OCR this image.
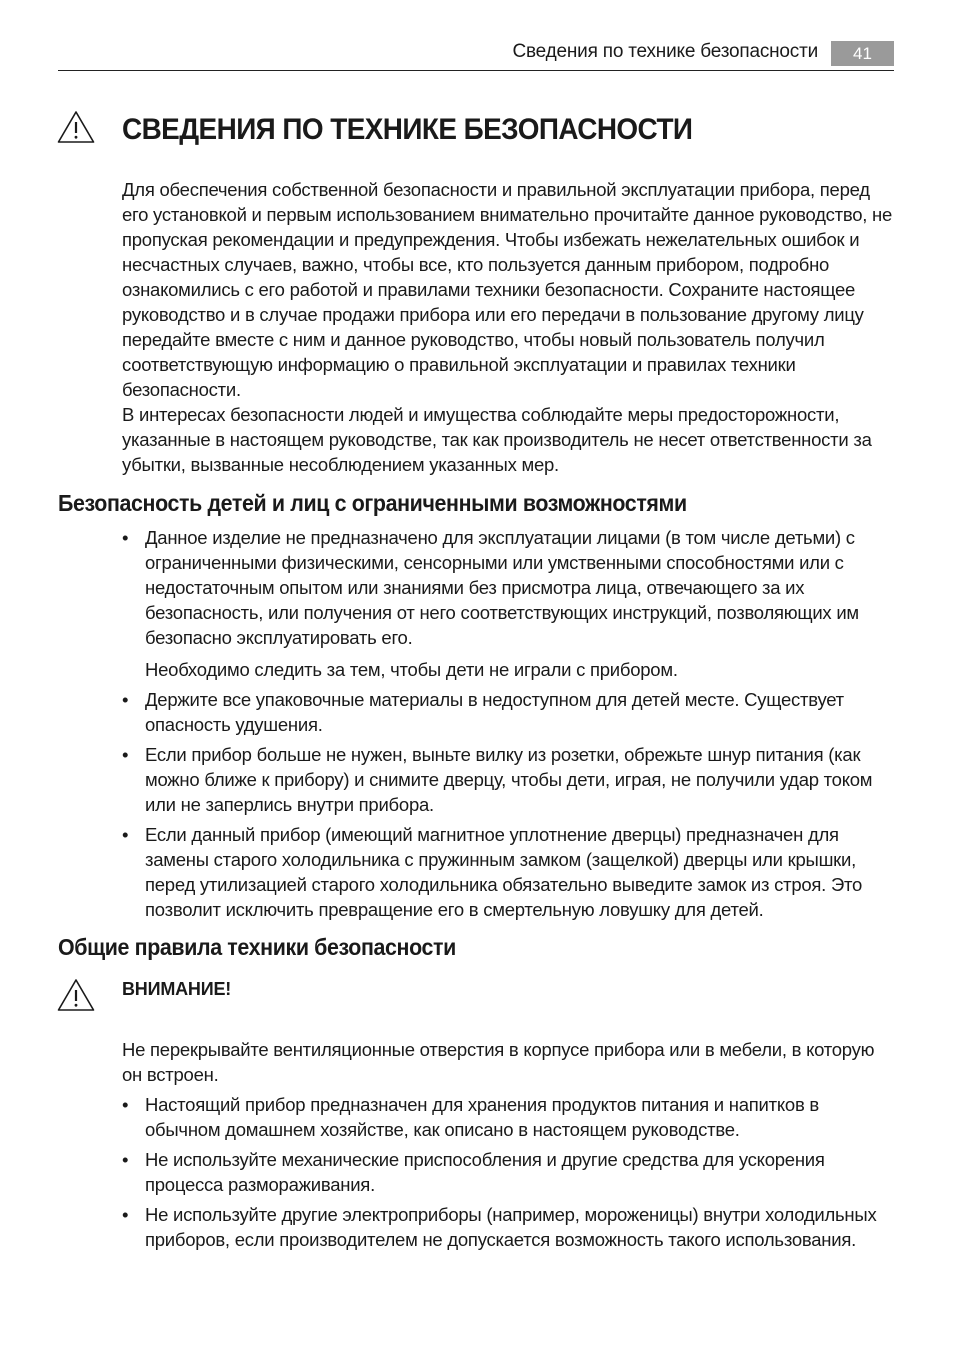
Сведения по технике безопасности	41
СВЕДЕНИЯ ПО ТЕХНИКЕ БЕЗОПАСНОСТИ

Для обеспечения собственной безопасности и правильной эксплуатации прибора, перед его установкой и первым использованием внимательно прочитайте данное руководство, не пропуская рекомендации и предупреждения. Чтобы избежать нежелательных ошибок и несчастных случаев, важно, чтобы все, кто пользуется данным прибором, подробно ознакомились с его работой и правилами техники безопасности. Сохраните настоящее руководство и в случае продажи прибора или его передачи в пользование другому лицу передайте вместе с ним и данное руководство, чтобы новый пользователь получил соответствующую информацию о правильной эксплуатации и правилах техники безопасности.

В интересах безопасности людей и имущества соблюдайте меры предосторожности, указанные в настоящем руководстве, так как производитель не несет ответственности за убытки, вызванные несоблюдением указанных мер.

Безопасность детей и лиц с ограниченными возможностями
• Данное изделие не предназначено для эксплуатации лицами (в том числе детьми) с ограниченными физическими, сенсорными или умственными способностями или с недостаточным опытом или знаниями без присмотра лица, отвечающего за их безопасность, или получения от него соответствующих инструкций, позволяющих им безопасно эксплуатировать его.
Необходимо следить за тем, чтобы дети не играли с прибором.
• Держите все упаковочные материалы в недоступном для детей месте. Существует опасность удушения.
• Если прибор больше не нужен, выньте вилку из розетки, обрежьте шнур питания (как можно ближе к прибору) и снимите дверцу, чтобы дети, играя, не получили удар током или не заперлись внутри прибора.
• Если данный прибор (имеющий магнитное уплотнение дверцы) предназначен для замены старого холодильника с пружинным замком (защелкой) дверцы или крышки, перед утилизацией старого холодильника обязательно выведите замок из строя. Это позволит исключить превращение его в смертельную ловушку для детей.
Общие правила техники безопасности
ВНИМАНИЕ!

Не перекрывайте вентиляционные отверстия в корпусе прибора или в мебели, в которую он встроен.

• Настоящий прибор предназначен для хранения продуктов питания и напитков в обычном домашнем хозяйстве, как описано в настоящем руководстве.
• Не используйте механические приспособления и другие средства для ускорения процесса размораживания.
• Не используйте другие электроприборы (например, мороженицы) внутри холодильных приборов, если производителем не допускается возможность такого использования.
